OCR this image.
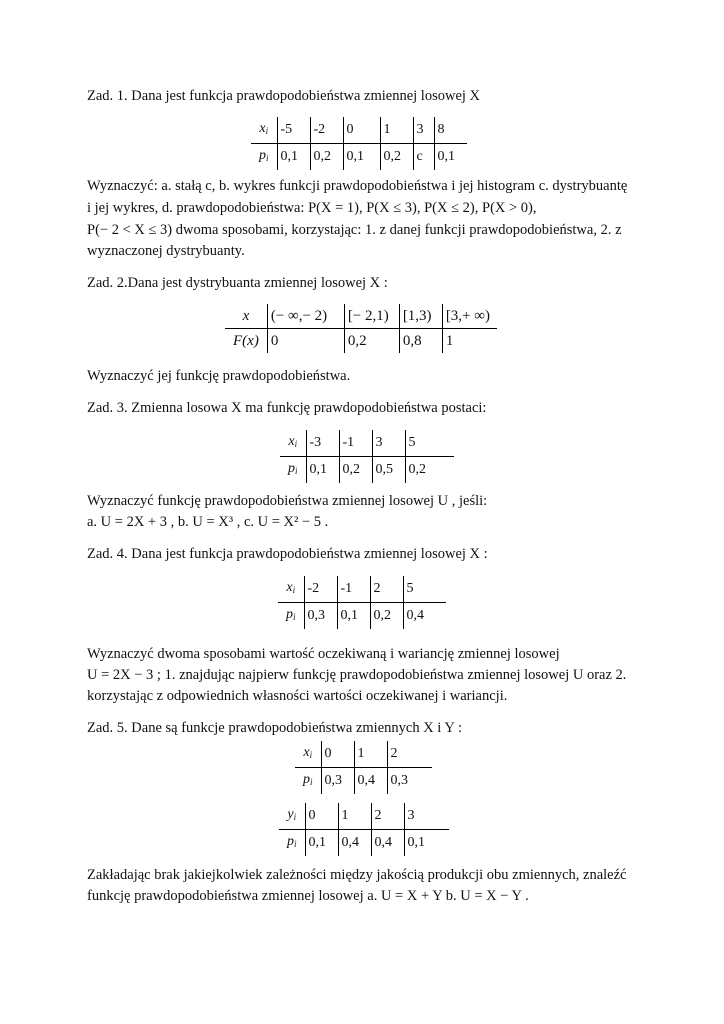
Zad. 1. Dana jest funkcja prawdopodobieństwa zmiennej losowej X

$x_i$	-5	-2	0	1	3	8
$p_i$	0,1	0,2	0,1	0,2	c	0,1

Wyznaczyć: a. stałą c, b. wykres funkcji prawdopodobieństwa i jej histogram c. dystrybuantę

i jej wykres, d. prawdopodobieństwa: P(X = 1), P(X ≤ 3), P(X ≤ 2), P(X > 0),

P(− 2 < X ≤ 3) dwoma sposobami, korzystając: 1. z danej funkcji prawdopodobieństwa, 2. z

wyznaczonej dystrybuanty.

Zad. 2.Dana jest dystrybuanta zmiennej losowej X :

x	(− ∞,− 2)	[− 2,1)	[1,3)	[3,+ ∞)
F(x)	0	0,2	0,8	1

Wyznaczyć jej funkcję prawdopodobieństwa.

Zad. 3. Zmienna losowa X ma funkcję prawdopodobieństwa postaci:

$x_i$	-3	-1	3	5
$p_i$	0,1	0,2	0,5	0,2

Wyznaczyć funkcję prawdopodobieństwa zmiennej losowej U , jeśli:

a. U = 2X + 3 , b. U = X³ , c. U = X² − 5 .

Zad. 4. Dana jest funkcja prawdopodobieństwa zmiennej losowej X :

$x_i$	-2	-1	2	5
$p_i$	0,3	0,1	0,2	0,4

Wyznaczyć dwoma sposobami wartość oczekiwaną i wariancję zmiennej losowej

U = 2X − 3 ; 1. znajdując najpierw funkcję prawdopodobieństwa zmiennej losowej U oraz 2.

korzystając z odpowiednich własności wartości oczekiwanej i wariancji.

Zad. 5. Dane są funkcje prawdopodobieństwa zmiennych X i Y :

$x_i$	0	1	2
$p_i$	0,3	0,4	0,3
$y_i$	0	1	2	3
$p_i$	0,1	0,4	0,4	0,1

Zakładając brak jakiejkolwiek zależności między jakością produkcji obu zmiennych, znaleźć

funkcję prawdopodobieństwa zmiennej losowej a. U = X + Y b. U = X − Y .
